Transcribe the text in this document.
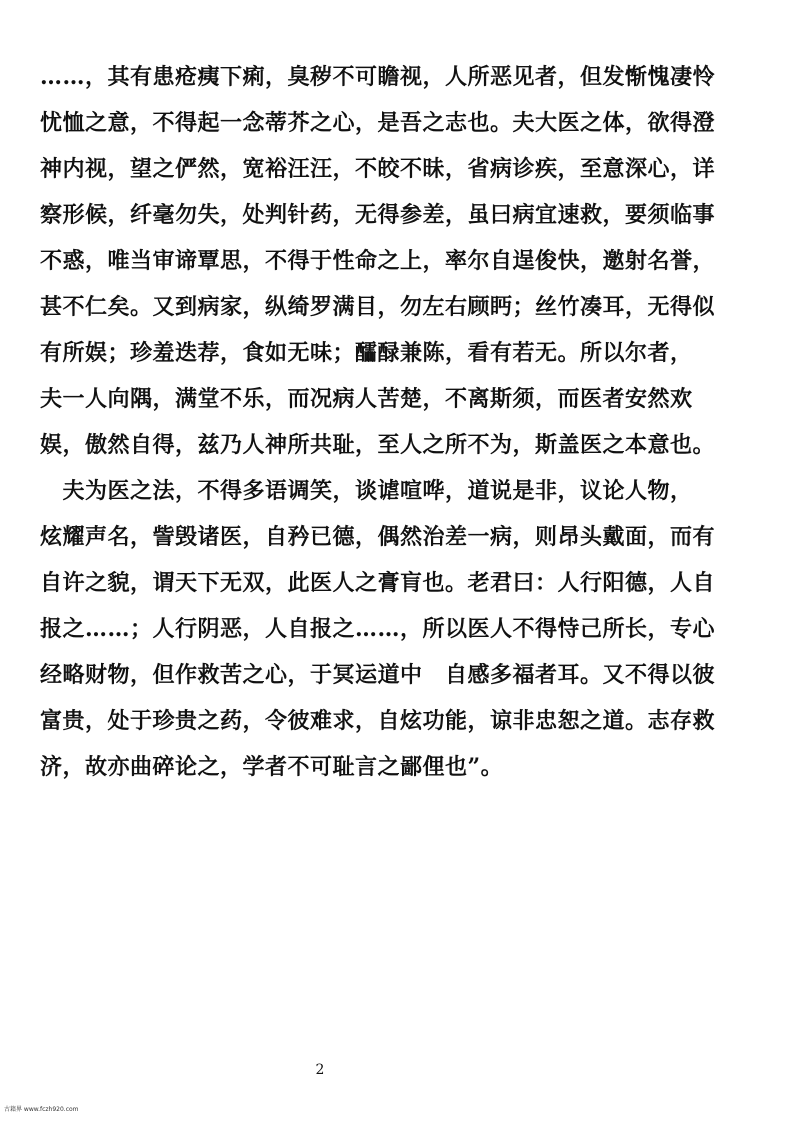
……，其有患疮痍下痢，臭秽不可瞻视，人所恶见者，但发惭愧凄怜
忧恤之意，不得起一念蒂芥之心，是吾之志也。夫大医之体，欲得澄
神内视，望之俨然，宽裕汪汪，不皎不昧，省病诊疾，至意深心，详
察形候，纤毫勿失，处判针药，无得参差，虽曰病宜速救，要须临事
不惑，唯当审谛覃思，不得于性命之上，率尔自逞俊快，邀射名誉，
甚不仁矣。又到病家，纵绮罗满目，勿左右顾眄；丝竹凑耳，无得似
有所娱；珍羞迭荐，食如无味；醽醁兼陈，看有若无。所以尔者，
夫一人向隅，满堂不乐，而况病人苦楚，不离斯须，而医者安然欢
娱，傲然自得，兹乃人神所共耻，至人之所不为，斯盖医之本意也。
　夫为医之法，不得多语调笑，谈谑喧哗，道说是非，议论人物，
炫耀声名，訾毁诸医，自矜已德，偶然治差一病，则昂头戴面，而有
自许之貌，谓天下无双，此医人之膏肓也。老君曰：人行阳德，人自
报之……；人行阴恶，人自报之……，所以医人不得恃己所长，专心
经略财物，但作救苦之心，于冥运道中　自感多福者耳。又不得以彼
富贵，处于珍贵之药，令彼难求，自炫功能，谅非忠恕之道。志存救
济，故亦曲碎论之，学者不可耻言之鄙俚也”。
2
古籍界 www.fczh920.com
